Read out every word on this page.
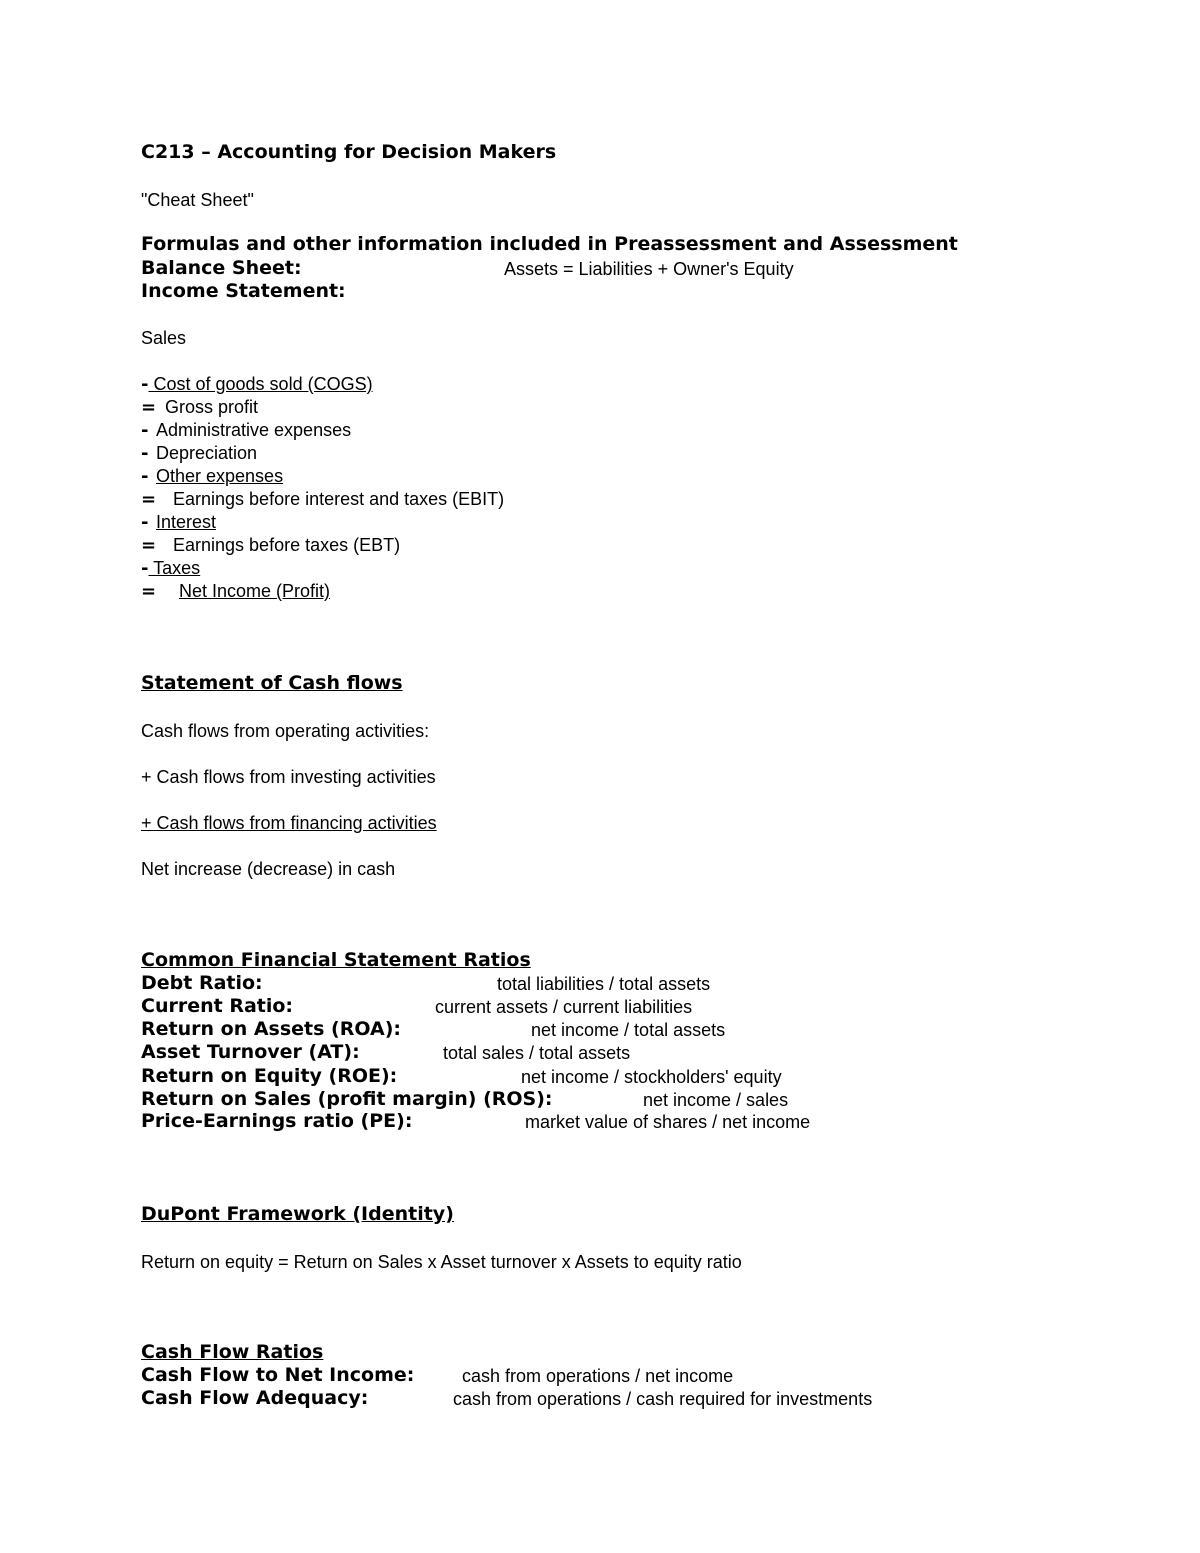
C213 – Accounting for Decision Makers
"Cheat Sheet"
Formulas and other information included in Preassessment and Assessment
Balance Sheet:	Assets = Liabilities + Owner's Equity
Income Statement:
Sales
- Cost of goods sold (COGS)
= Gross profit
- Administrative expenses
- Depreciation
- Other expenses
= Earnings before interest and taxes (EBIT)
- Interest
= Earnings before taxes (EBT)
- Taxes
= Net Income (Profit)
Statement of Cash flows
Cash flows from operating activities:
+ Cash flows from investing activities
+ Cash flows from financing activities
Net increase (decrease) in cash
Common Financial Statement Ratios
Debt Ratio:	total liabilities / total assets
Current Ratio:	current assets / current liabilities
Return on Assets (ROA):	net income / total assets
Asset Turnover (AT):	total sales / total assets
Return on Equity (ROE):	net income / stockholders' equity
Return on Sales (profit margin) (ROS):	net income / sales
Price-Earnings ratio (PE):	market value of shares / net income
DuPont Framework (Identity)
Return on equity = Return on Sales x Asset turnover x Assets to equity ratio
Cash Flow Ratios
Cash Flow to Net Income:	cash from operations / net income
Cash Flow Adequacy:	cash from operations / cash required for investments
